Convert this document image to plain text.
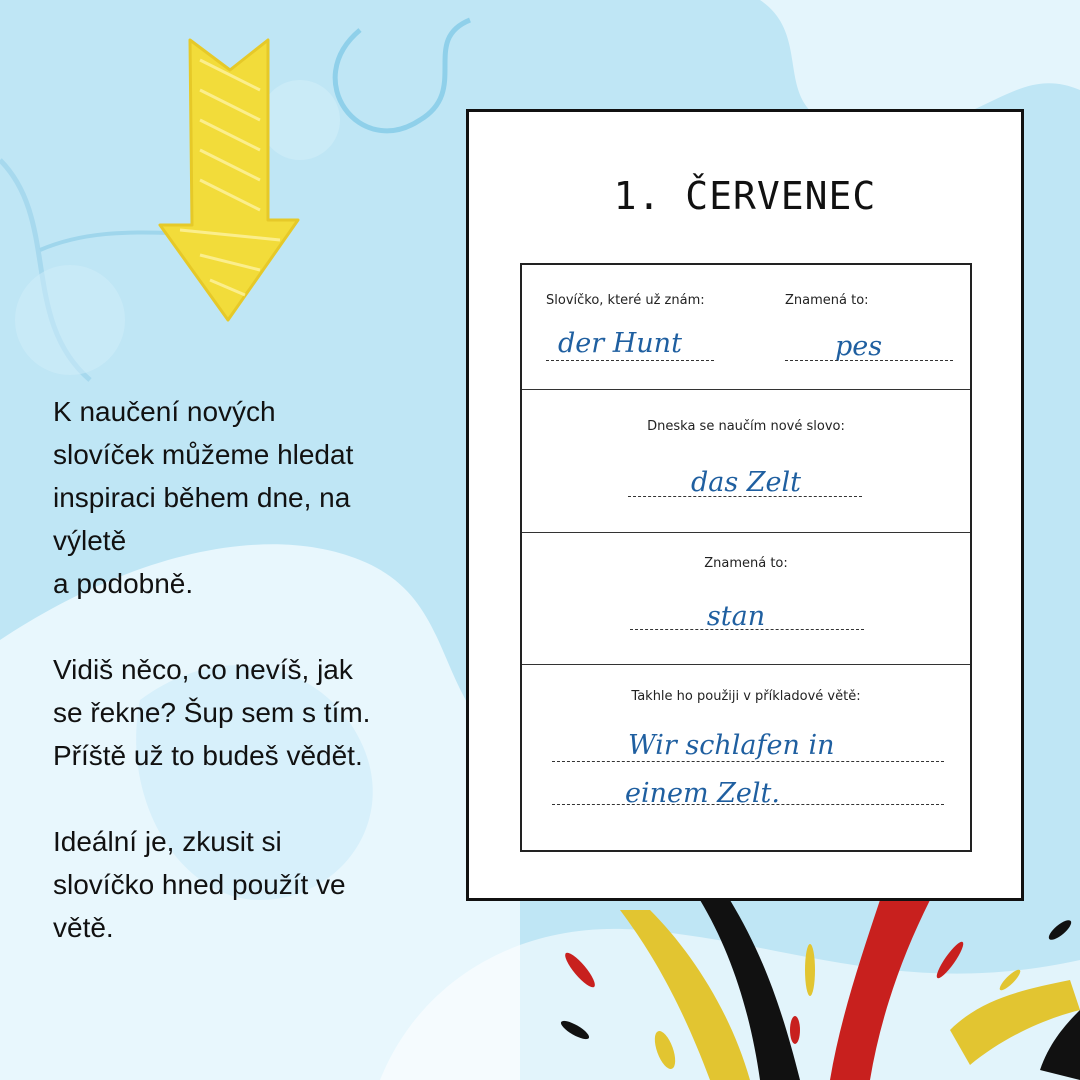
K naučení nových
slovíček můžeme hledat
inspiraci během dne, na
výletě
a podobně.

Vidiš něco, co nevíš, jak
se řekne? Šup sem s tím.
Příště už to budeš vědět.

Ideální je, zkusit si
slovíčko hned použít ve
větě.

1. ČERVENEC
Slovíčko, které už znám:	Znamená to:
der Hunt	pes
Dneska se naučím nové slovo:
das Zelt
Znamená to:
stan
Takhle ho použiji v příkladové větě:
Wir schlafen in
einem Zelt.
